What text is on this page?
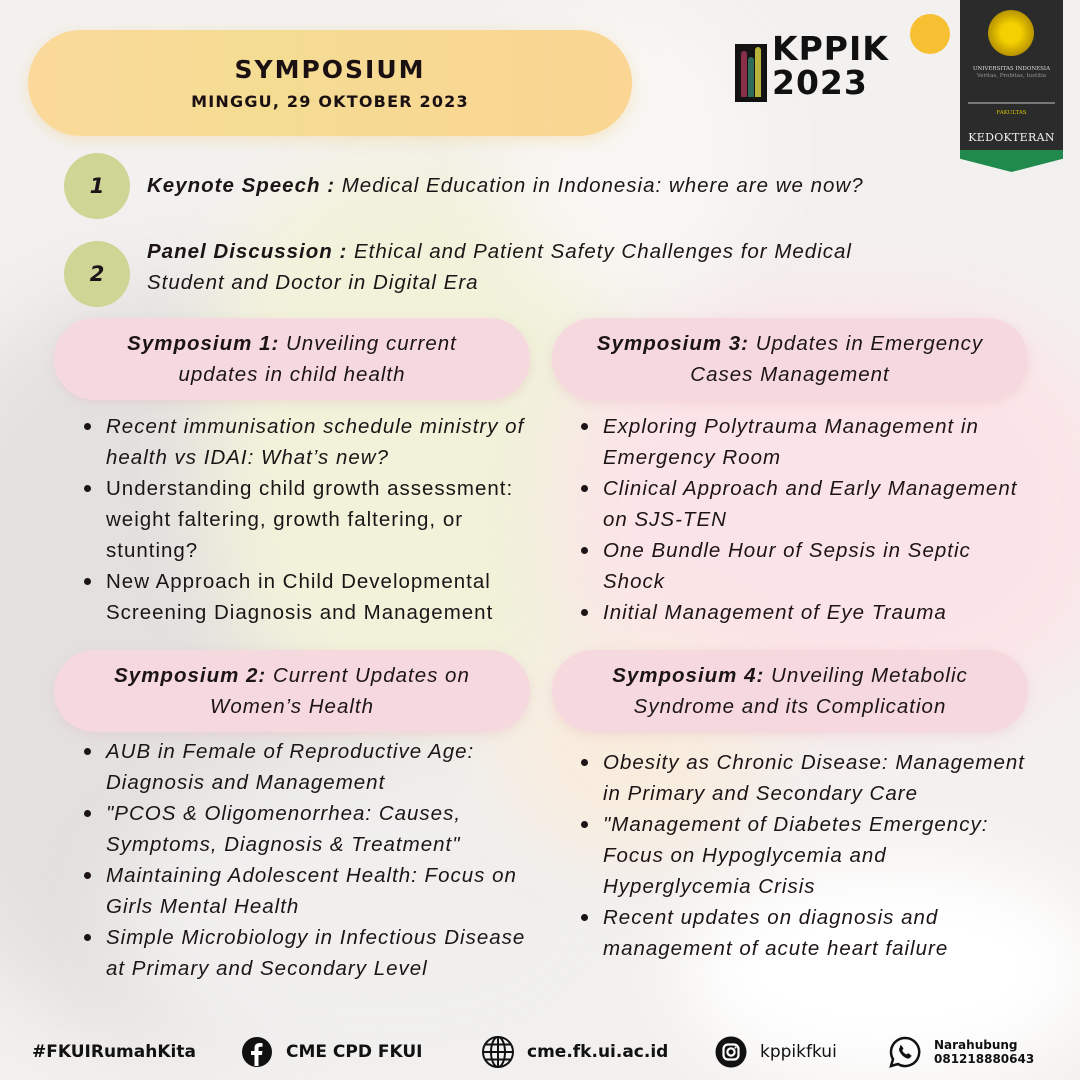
SYMPOSIUM
MINGGU, 29 OKTOBER 2023
KPPIK
2023	UNIVERSITAS INDONESIA
Veritas, Probitas, Iustitia
FAKULTAS
KEDOKTERAN
1	Keynote Speech : Medical Education in Indonesia: where are we now?
2
Panel Discussion : Ethical and Patient Safety Challenges for Medical Student and Doctor in Digital Era
Symposium 1: Unveiling current updates in child health
Recent immunisation schedule ministry of health vs IDAI: What’s new?
Understanding child growth assessment: weight faltering, growth faltering, or stunting?
New Approach in Child Developmental Screening Diagnosis and Management
Symposium 3: Updates in Emergency Cases Management
Exploring Polytrauma Management in Emergency Room
Clinical Approach and Early Management on SJS-TEN
One Bundle Hour of Sepsis in Septic Shock
Initial Management of Eye Trauma
Symposium 2: Current Updates on Women’s Health
AUB in Female of Reproductive Age: Diagnosis and Management
"PCOS & Oligomenorrhea: Causes, Symptoms, Diagnosis & Treatment"
Maintaining Adolescent Health: Focus on Girls Mental Health
Simple Microbiology in Infectious Disease at Primary and Secondary Level
Symposium 4: Unveiling Metabolic Syndrome and its Complication
Obesity as Chronic Disease: Management in Primary and Secondary Care
"Management of Diabetes Emergency: Focus on Hypoglycemia and Hyperglycemia Crisis
Recent updates on diagnosis and management of acute heart failure
#FKUIRumahKita	CME CPD FKUI	cme.fk.ui.ac.id	kppikfkui	Narahubung
081218880643
